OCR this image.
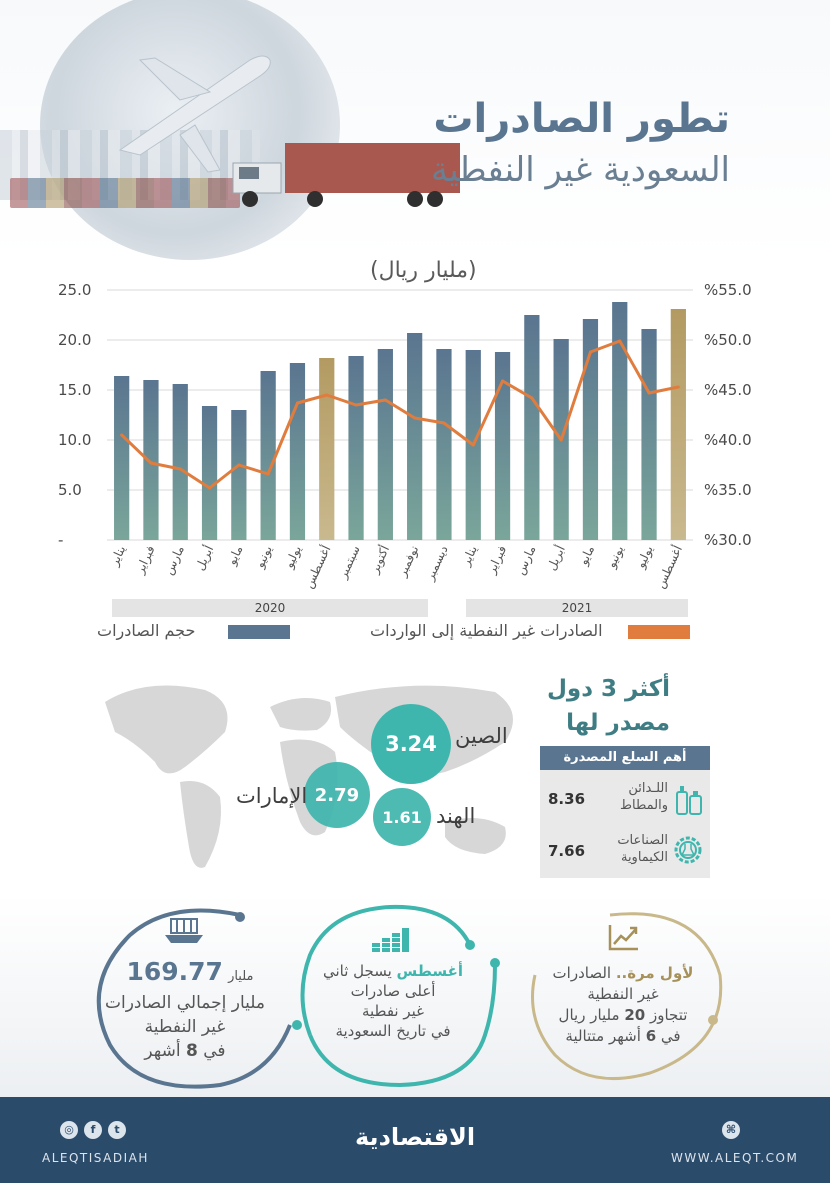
تطور الصادرات
السعودية غير النفطية
(مليار ريال)
-
5.0
10.0
15.0
20.0
25.0
%30.0
%35.0
%40.0
%45.0
%50.0
%55.0
يناير فبراير مارس أبريل مايو يونيو يوليو
أغسطس سبتمبر أكتوبر نوفمبر ديسمبر يناير فبراير مارس أبريل مايو يونيو يوليو
أغسطس
2020	2021
حجم الصادرات	الصادرات غير النفطية إلى الواردات
3.24 الصين
2.79
الإمارات
1.61 الهند
أكثر 3 دول
مصدر لها
أهم السلع المصدرة
8.36
اللـدائن
والمطاط
7.66
الصناعات
الكيماوية
مليار 169.77
مليار إجمالي الصادرات
غير النفطية
في 8 أشهر
أغسطس يسجل ثاني
أعلى صادرات
غير نفطية
في تاريخ السعودية
لأول مرة.. الصادرات
غير النفطية
تتجاوز 20 مليار ريال
في 6 أشهر متتالية
◎	f	t
ALEQTISADIAH
الاقتصادية	⌘
WWW.ALEQT.COM
